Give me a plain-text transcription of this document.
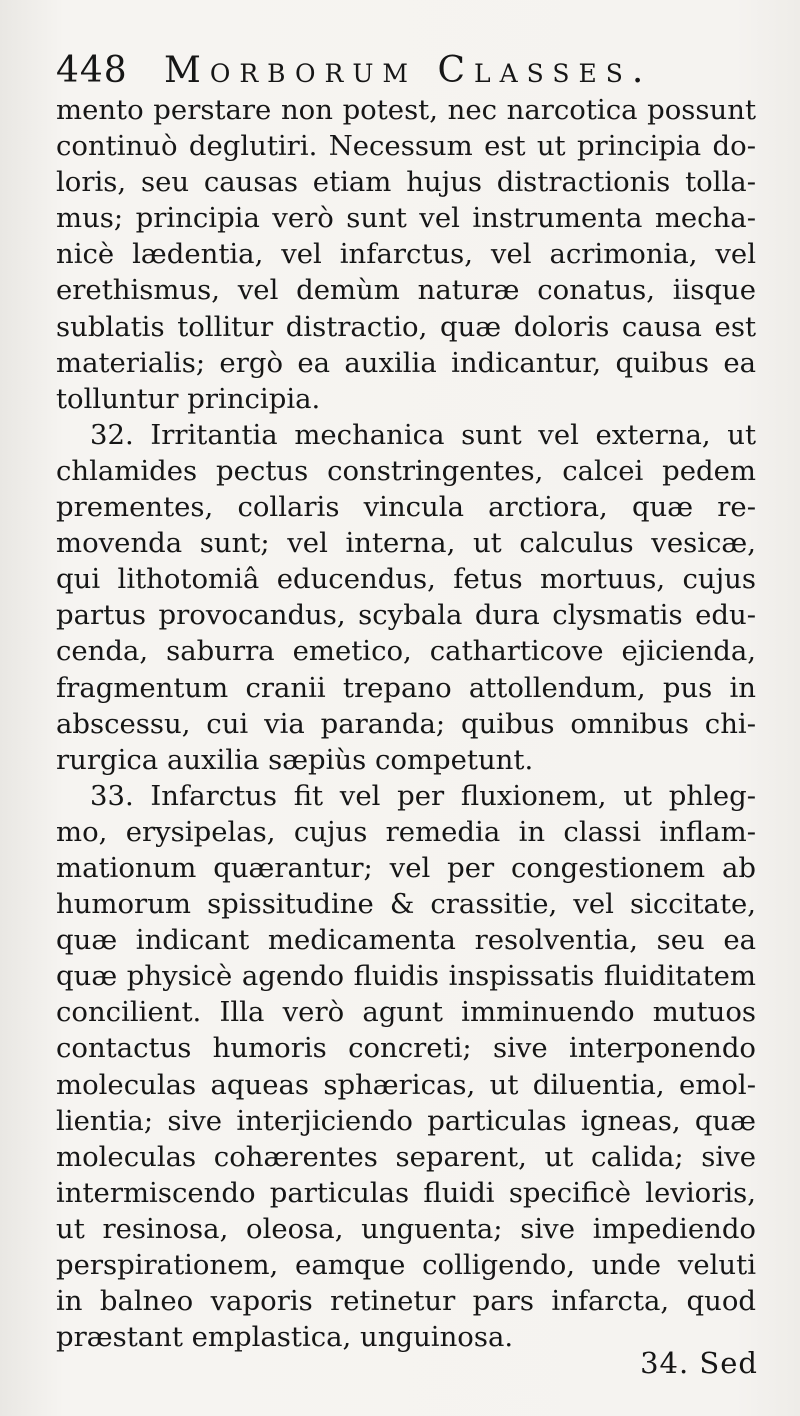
448 Morborum Classes.
mento perstare non potest, nec narcotica possunt
continuò deglutiri. Necessum est ut principia do-
loris, seu causas etiam hujus distractionis tolla-
mus; principia verò sunt vel instrumenta mecha-
nicè lædentia, vel infarctus, vel acrimonia, vel
erethismus, vel demùm naturæ conatus, iisque
sublatis tollitur distractio, quæ doloris causa est
materialis; ergò ea auxilia indicantur, quibus ea
tolluntur principia.
32. Irritantia mechanica sunt vel externa, ut
chlamides pectus constringentes, calcei pedem
prementes, collaris vincula arctiora, quæ re-
movenda sunt; vel interna, ut calculus vesicæ,
qui lithotomiâ educendus, fetus mortuus, cujus
partus provocandus, scybala dura clysmatis edu-
cenda, saburra emetico, catharticove ejicienda,
fragmentum cranii trepano attollendum, pus in
abscessu, cui via paranda; quibus omnibus chi-
rurgica auxilia sæpiùs competunt.
33. Infarctus fit vel per fluxionem, ut phleg-
mo, erysipelas, cujus remedia in classi inflam-
mationum quærantur; vel per congestionem ab
humorum spissitudine & crassitie, vel siccitate,
quæ indicant medicamenta resolventia, seu ea
quæ physicè agendo fluidis inspissatis fluiditatem
concilient. Illa verò agunt imminuendo mutuos
contactus humoris concreti; sive interponendo
moleculas aqueas sphæricas, ut diluentia, emol-
lientia; sive interjiciendo particulas igneas, quæ
moleculas cohærentes separent, ut calida; sive
intermiscendo particulas fluidi specificè levioris,
ut resinosa, oleosa, unguenta; sive impediendo
perspirationem, eamque colligendo, unde veluti
in balneo vaporis retinetur pars infarcta, quod
præstant emplastica, unguinosa.
34. Sed
